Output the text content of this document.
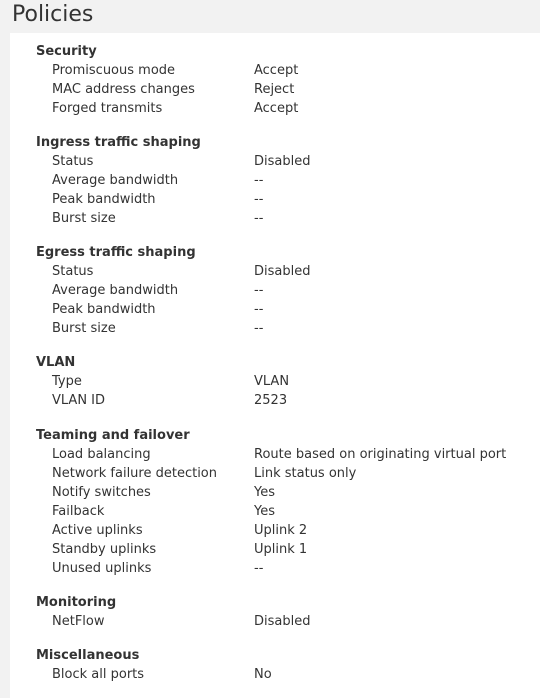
Policies
Security
Promiscuous mode	Accept
MAC address changes	Reject
Forged transmits	Accept
Ingress traffic shaping
Status	Disabled
Average bandwidth	--
Peak bandwidth	--
Burst size	--
Egress traffic shaping
Status	Disabled
Average bandwidth	--
Peak bandwidth	--
Burst size	--
VLAN
Type	VLAN
VLAN ID	2523
Teaming and failover
Load balancing	Route based on originating virtual port
Network failure detection	Link status only
Notify switches	Yes
Failback	Yes
Active uplinks	Uplink 2
Standby uplinks	Uplink 1
Unused uplinks	--
Monitoring
NetFlow	Disabled
Miscellaneous
Block all ports	No
